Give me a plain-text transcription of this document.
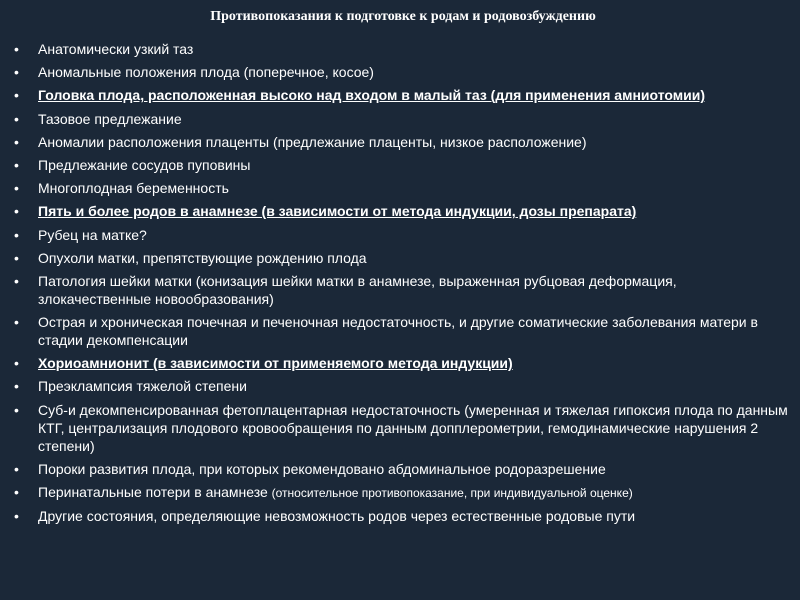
Противопоказания к подготовке к родам и родовозбуждению
• Анатомически узкий таз
• Аномальные положения плода (поперечное, косое)
• Головка плода, расположенная высоко над входом в малый таз (для применения амниотомии)
• Тазовое предлежание
• Аномалии расположения плаценты (предлежание плаценты, низкое расположение)
• Предлежание сосудов пуповины
• Многоплодная беременность
• Пять и более родов в анамнезе (в зависимости от метода индукции, дозы препарата)
• Рубец на матке?
• Опухоли матки, препятствующие рождению плода
• Патология шейки матки (конизация шейки матки в анамнезе, выраженная рубцовая деформация, злокачественные новообразования)
• Острая и хроническая почечная и печеночная недостаточность, и другие соматические заболевания матери в стадии декомпенсации
• Хориоамнионит (в зависимости от применяемого метода индукции)
• Преэклампсия тяжелой степени
• Суб-и декомпенсированная фетоплацентарная недостаточность (умеренная и тяжелая гипоксия плода по данным КТГ, централизация плодового кровообращения по данным допплерометрии, гемодинамические нарушения 2 степени)
• Пороки развития плода, при которых рекомендовано абдоминальное родоразрешение
• Перинатальные потери в анамнезе (относительное противопоказание, при индивидуальной оценке)
• Другие состояния, определяющие невозможность родов через естественные родовые пути
